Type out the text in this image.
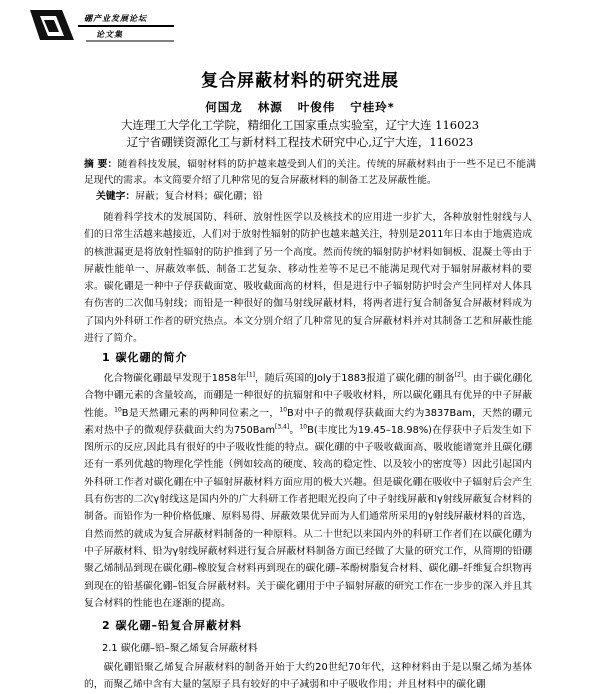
硼产业发展论坛
论文集
复合屏蔽材料的研究进展
何国龙   林源   叶俊伟   宁桂玲*
大连理工大学化工学院，精细化工国家重点实验室，辽宁大连 116023
辽宁省硼镁资源化工与新材料工程技术研究中心,辽宁大连，116023
摘 要：随着科技发展，辐射材料的防护越来越受到人们的关注。传统的屏蔽材料由于一些不足已不能满足现代的需求。本文简要介绍了几种常见的复合屏蔽材料的制备工艺及屏蔽性能。
关键字：屏蔽；复合材料；碳化硼；铅
随着科学技术的发展国防、科研、放射性医学以及核技术的应用进一步扩大，各种放射性射线与人们的日常生活越来越接近，人们对于放射性辐射的防护也越来越关注，特别是2011年日本由于地震造成的核泄漏更是将放射性辐射的防护推到了另一个高度。然而传统的辐射防护材料如铜板、混凝土等由于屏蔽性能单一、屏蔽效率低、制备工艺复杂、移动性差等不足已不能满足现代对于辐射屏蔽材料的要求。碳化硼是一种中子俘获截面宽、吸收截面高的材料，但是进行中子辐射防护时会产生同样对人体具有伤害的二次伽马射线；而铅是一种很好的伽马射线屏蔽材料，将两者进行复合制备复合屏蔽材料成为了国内外科研工作者的研究热点。本文分别介绍了几种常见的复合屏蔽材料并对其制备工艺和屏蔽性能进行了简介。
1 碳化硼的简介
化合物碳化硼最早发现于1858年[1]，随后英国的Joly于1883报道了碳化硼的制备[2]。由于碳化硼化合物中硼元素的含量较高，而硼是一种很好的抗辐射和中子吸收材料，所以碳化硼具有优异的中子屏蔽性能。$^{10}$B是天然硼元素的两种同位素之一，$^{10}$B对中子的微观俘获截面大约为3837Bam，天然的硼元素对热中子的微观俘获截面大约为750Bam[3,4]。$^{10}$B(丰度比为19.45–18.98%)在俘获中子后发生如下图所示的反应,因此具有很好的中子吸收性能的特点。碳化硼的中子吸收截面高、吸收能谱宽并且碳化硼还有一系列优越的物理化学性能（例如较高的硬度、较高的稳定性、以及较小的密度等）因此引起国内外科研工作者对碳化硼在中子辐射屏蔽材料方面应用的极大兴趣。但是碳化硼在吸收中子辐射后会产生具有伤害的二次γ射线这是国内外的广大科研工作者把眼光投向了中子射线屏蔽和γ射线屏蔽复合材料的制备。而铅作为一种价格低廉、原料易得、屏蔽效果优异而为人们通常所采用的γ射线屏蔽材料的首选，自然而然的就成为复合屏蔽材料制备的一种原料。从二十世纪以来国内外的科研工作者们在以碳化硼为中子屏蔽材料、铅为γ射线屏蔽材料进行复合屏蔽材料制备方面已经做了大量的研究工作，从简期的铅硼聚乙烯制品到现在碳化硼–橡胶复合材料再到现在的碳化硼–苯酚树脂复合材料、碳化硼–纤维复合织物再到现在的铅基碳化硼–铝复合屏蔽材料。关于碳化硼用于中子辐射屏蔽的研究工作在一步步的深入并且其复合材料的性能也在逐渐的提高。
2 碳化硼–铅复合屏蔽材料
2.1 碳化硼–铅–聚乙烯复合屏蔽材料
碳化硼铅聚乙烯复合屏蔽材料的制备开始于大约20世纪70年代，这种材料由于是以聚乙烯为基体的，而聚乙烯中含有大量的氢原子具有较好的中子减弱和中子吸收作用；并且材料中的碳化硼
